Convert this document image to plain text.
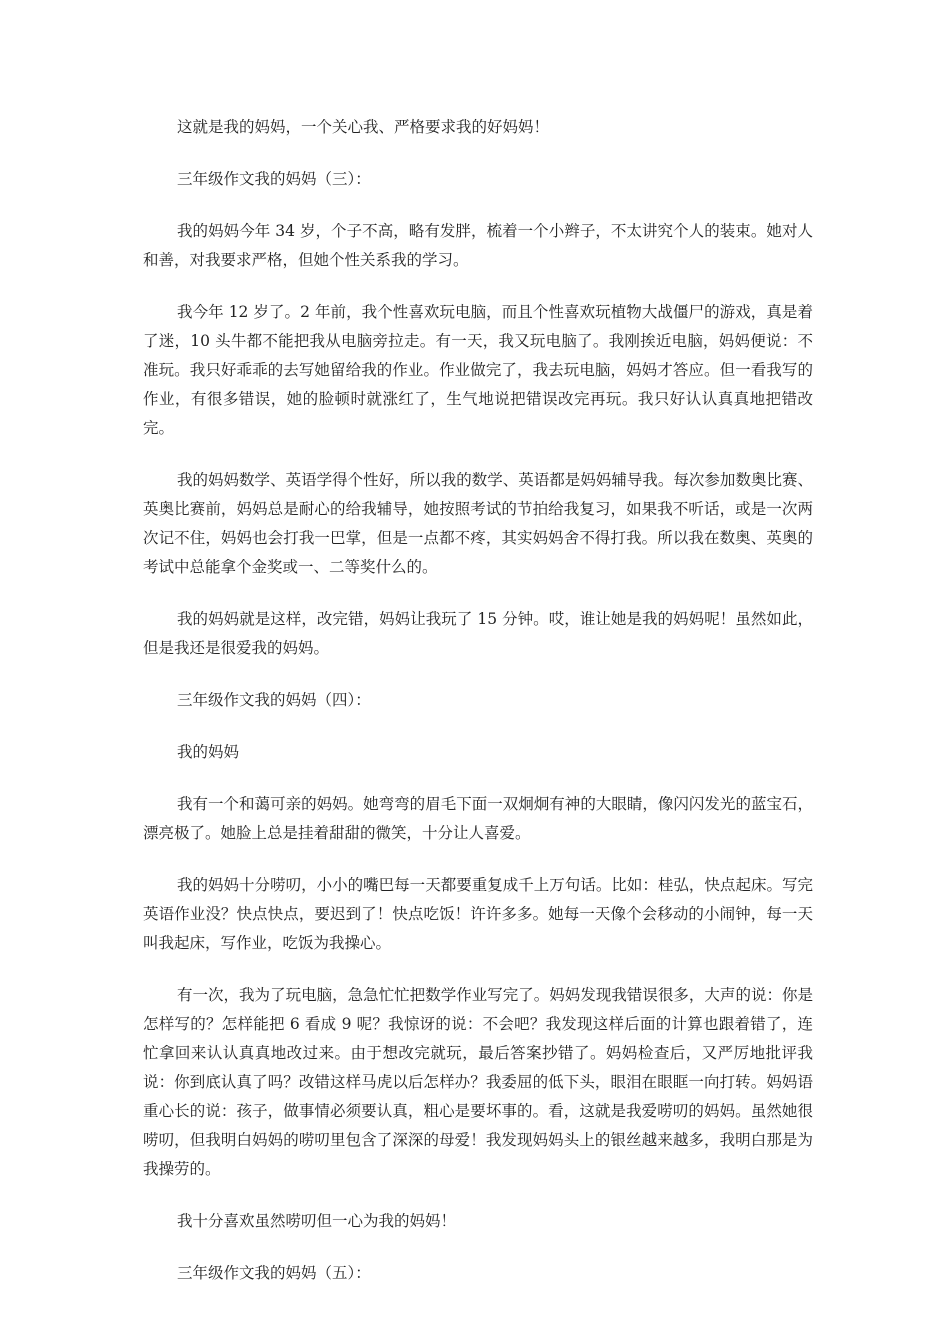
这就是我的妈妈，一个关心我、严格要求我的好妈妈！

三年级作文我的妈妈（三）：

我的妈妈今年 34 岁，个子不高，略有发胖，梳着一个小辫子，不太讲究个人的装束。她对人和善，对我要求严格，但她个性关系我的学习。

我今年 12 岁了。2 年前，我个性喜欢玩电脑，而且个性喜欢玩植物大战僵尸的游戏，真是着了迷，10 头牛都不能把我从电脑旁拉走。有一天，我又玩电脑了。我刚挨近电脑，妈妈便说：不准玩。我只好乖乖的去写她留给我的作业。作业做完了，我去玩电脑，妈妈才答应。但一看我写的作业，有很多错误，她的脸顿时就涨红了，生气地说把错误改完再玩。我只好认认真真地把错改完。

我的妈妈数学、英语学得个性好，所以我的数学、英语都是妈妈辅导我。每次参加数奥比赛、英奥比赛前，妈妈总是耐心的给我辅导，她按照考试的节拍给我复习，如果我不听话，或是一次两次记不住，妈妈也会打我一巴掌，但是一点都不疼，其实妈妈舍不得打我。所以我在数奥、英奥的考试中总能拿个金奖或一、二等奖什么的。

我的妈妈就是这样，改完错，妈妈让我玩了 15 分钟。哎，谁让她是我的妈妈呢！虽然如此，但是我还是很爱我的妈妈。

三年级作文我的妈妈（四）：

我的妈妈

我有一个和蔼可亲的妈妈。她弯弯的眉毛下面一双炯炯有神的大眼睛，像闪闪发光的蓝宝石，漂亮极了。她脸上总是挂着甜甜的微笑，十分让人喜爱。

我的妈妈十分唠叨，小小的嘴巴每一天都要重复成千上万句话。比如：桂弘，快点起床。写完英语作业没？快点快点，要迟到了！快点吃饭！许许多多。她每一天像个会移动的小闹钟，每一天叫我起床，写作业，吃饭为我操心。

有一次，我为了玩电脑，急急忙忙把数学作业写完了。妈妈发现我错误很多，大声的说：你是怎样写的？怎样能把 6 看成 9 呢？我惊讶的说：不会吧？我发现这样后面的计算也跟着错了，连忙拿回来认认真真地改过来。由于想改完就玩，最后答案抄错了。妈妈检查后，又严厉地批评我说：你到底认真了吗？改错这样马虎以后怎样办？我委屈的低下头，眼泪在眼眶一向打转。妈妈语重心长的说：孩子，做事情必须要认真，粗心是要坏事的。看，这就是我爱唠叨的妈妈。虽然她很唠叨，但我明白妈妈的唠叨里包含了深深的母爱！我发现妈妈头上的银丝越来越多，我明白那是为我操劳的。

我十分喜欢虽然唠叨但一心为我的妈妈！

三年级作文我的妈妈（五）：
